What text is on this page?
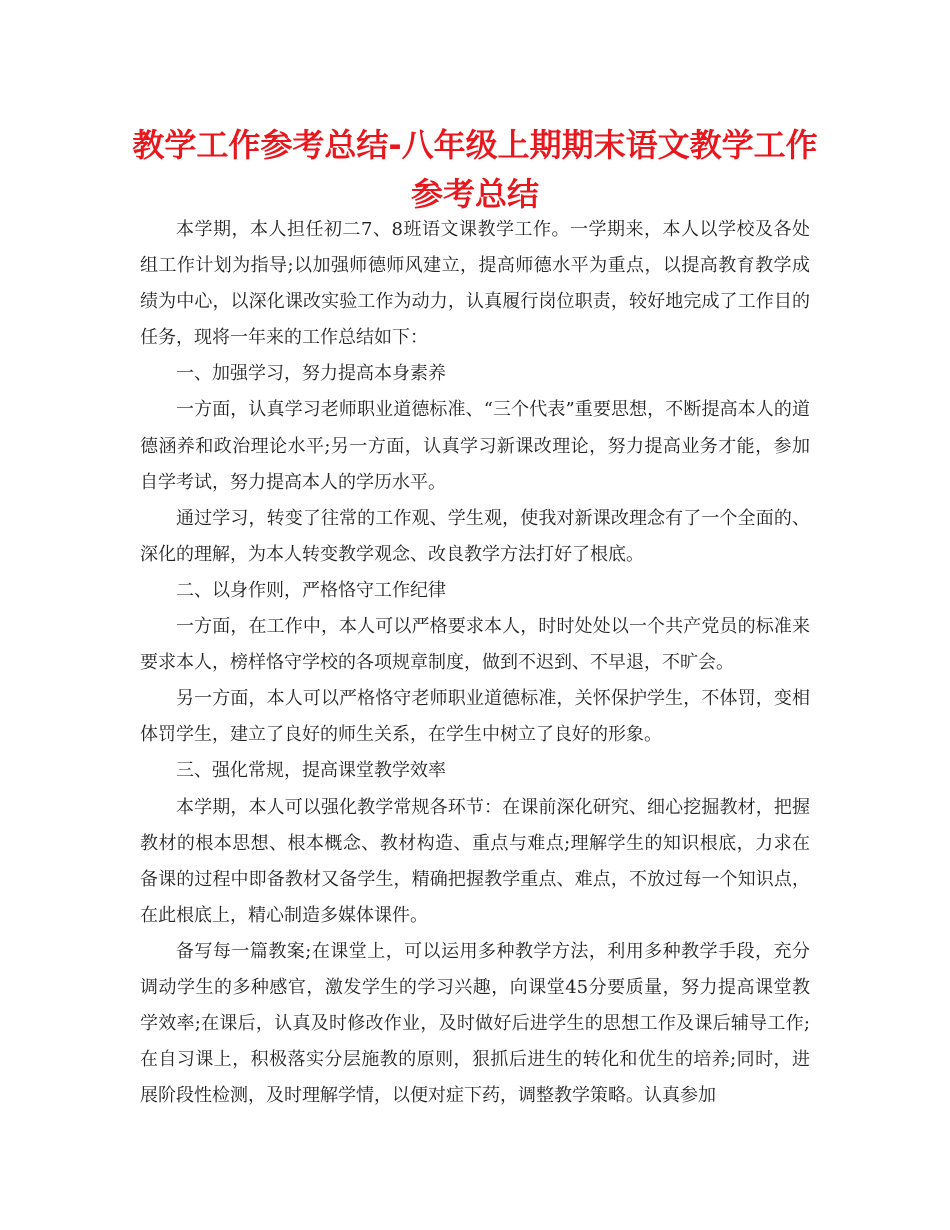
教学工作参考总结-八年级上期期末语文教学工作
参考总结

本学期，本人担任初二7、8班语文课教学工作。一学期来，本人以学校及各处组工作计划为指导;以加强师德师风建立，提高师德水平为重点，以提高教育教学成绩为中心，以深化课改实验工作为动力，认真履行岗位职责，较好地完成了工作目的任务，现将一年来的工作总结如下：

一、加强学习，努力提高本身素养

一方面，认真学习老师职业道德标准、“三个代表”重要思想，不断提高本人的道德涵养和政治理论水平;另一方面，认真学习新课改理论，努力提高业务才能，参加自学考试，努力提高本人的学历水平。

通过学习，转变了往常的工作观、学生观，使我对新课改理念有了一个全面的、深化的理解，为本人转变教学观念、改良教学方法打好了根底。

二、以身作则，严格恪守工作纪律

一方面，在工作中，本人可以严格要求本人，时时处处以一个共产党员的标准来要求本人，榜样恪守学校的各项规章制度，做到不迟到、不早退，不旷会。

另一方面，本人可以严格恪守老师职业道德标准，关怀保护学生，不体罚，变相体罚学生，建立了良好的师生关系，在学生中树立了良好的形象。

三、强化常规，提高课堂教学效率

本学期，本人可以强化教学常规各环节：在课前深化研究、细心挖掘教材，把握教材的根本思想、根本概念、教材构造、重点与难点;理解学生的知识根底，力求在备课的过程中即备教材又备学生，精确把握教学重点、难点，不放过每一个知识点，在此根底上，精心制造多媒体课件。

备写每一篇教案;在课堂上，可以运用多种教学方法，利用多种教学手段，充分调动学生的多种感官，激发学生的学习兴趣，向课堂45分要质量，努力提高课堂教学效率;在课后，认真及时修改作业，及时做好后进学生的思想工作及课后辅导工作;在自习课上，积极落实分层施教的原则，狠抓后进生的转化和优生的培养;同时，进展阶段性检测，及时理解学情，以便对症下药，调整教学策略。认真参加
